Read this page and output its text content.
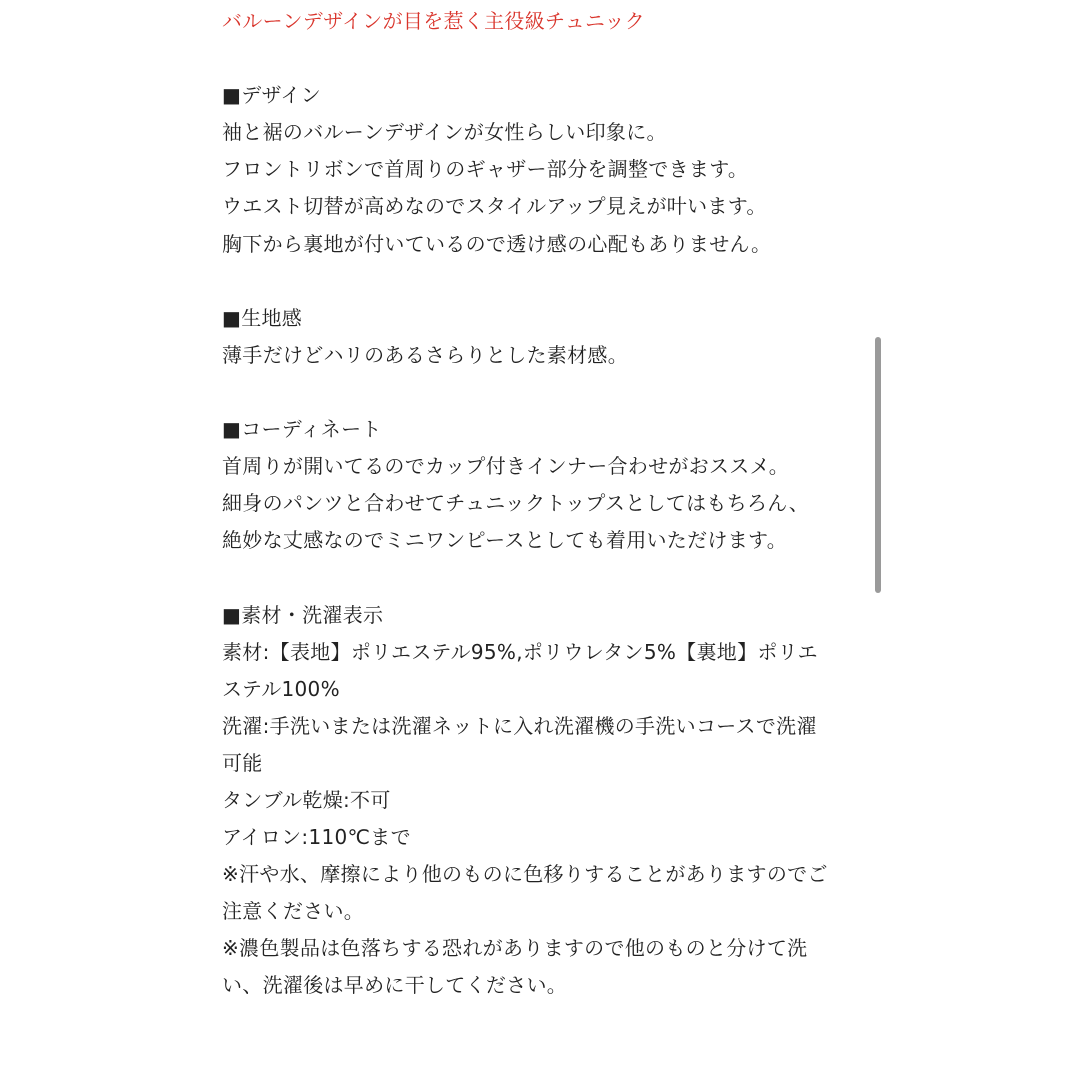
バルーンデザインが目を惹く主役級チュニック
■デザイン
袖と裾のバルーンデザインが女性らしい印象に。
フロントリボンで首周りのギャザー部分を調整できます。
ウエスト切替が高めなのでスタイルアップ見えが叶います。
胸下から裏地が付いているので透け感の心配もありません。
■生地感
薄手だけどハリのあるさらりとした素材感。
■コーディネート
首周りが開いてるのでカップ付きインナー合わせがおススメ。
細身のパンツと合わせてチュニックトップスとしてはもちろん、
絶妙な丈感なのでミニワンピースとしても着用いただけます。
■素材・洗濯表示
素材:【表地】ポリエステル95%,ポリウレタン5%【裏地】ポリエ
ステル100%
洗濯:手洗いまたは洗濯ネットに入れ洗濯機の手洗いコースで洗濯
可能
タンブル乾燥:不可
アイロン:110℃まで
※汗や水、摩擦により他のものに色移りすることがありますのでご
注意ください。
※濃色製品は色落ちする恐れがありますので他のものと分けて洗
い、洗濯後は早めに干してください。
